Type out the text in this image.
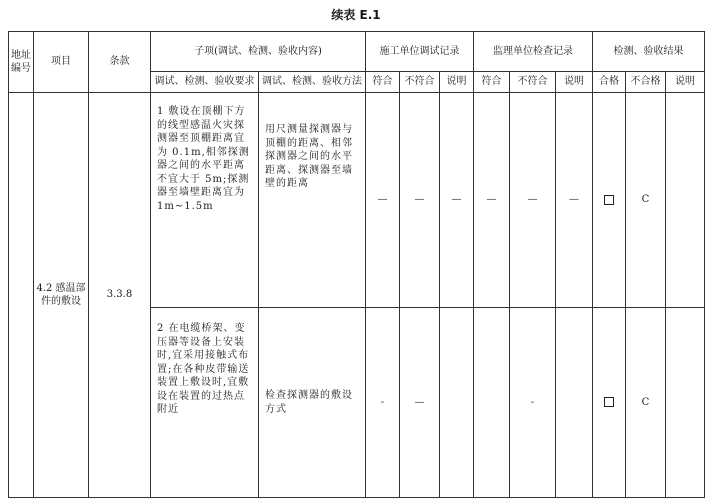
续表 E.1
地址编号	项目	条款	子项(调试、检测、验收内容)		施工单位调试记录			监理单位检查记录			检测、验收结果		
			调试、检测、验收要求	调试、检测、验收方法	符合	不符合	说明	符合	不符合	说明	合格	不合格	说明
	4.2 感温部件的敷设	3.3.8	1 敷设在顶棚下方的线型感温火灾探测器至顶棚距离宜为 0.1m,相邻探测器之间的水平距离不宜大于 5m;探测器至墙壁距离宜为 1m~1.5m	用尺测量探测器与顶棚的距离、相邻探测器之间的水平距离、探测器至墙壁的距离	—	—	—	—	—	—		C	
			2 在电缆桥架、变压器等设备上安装时,宜采用接触式布置;在各种皮带输送装置上敷设时,宜敷设在装置的过热点附近	检查探测器的敷设方式	-	—			-			C	
